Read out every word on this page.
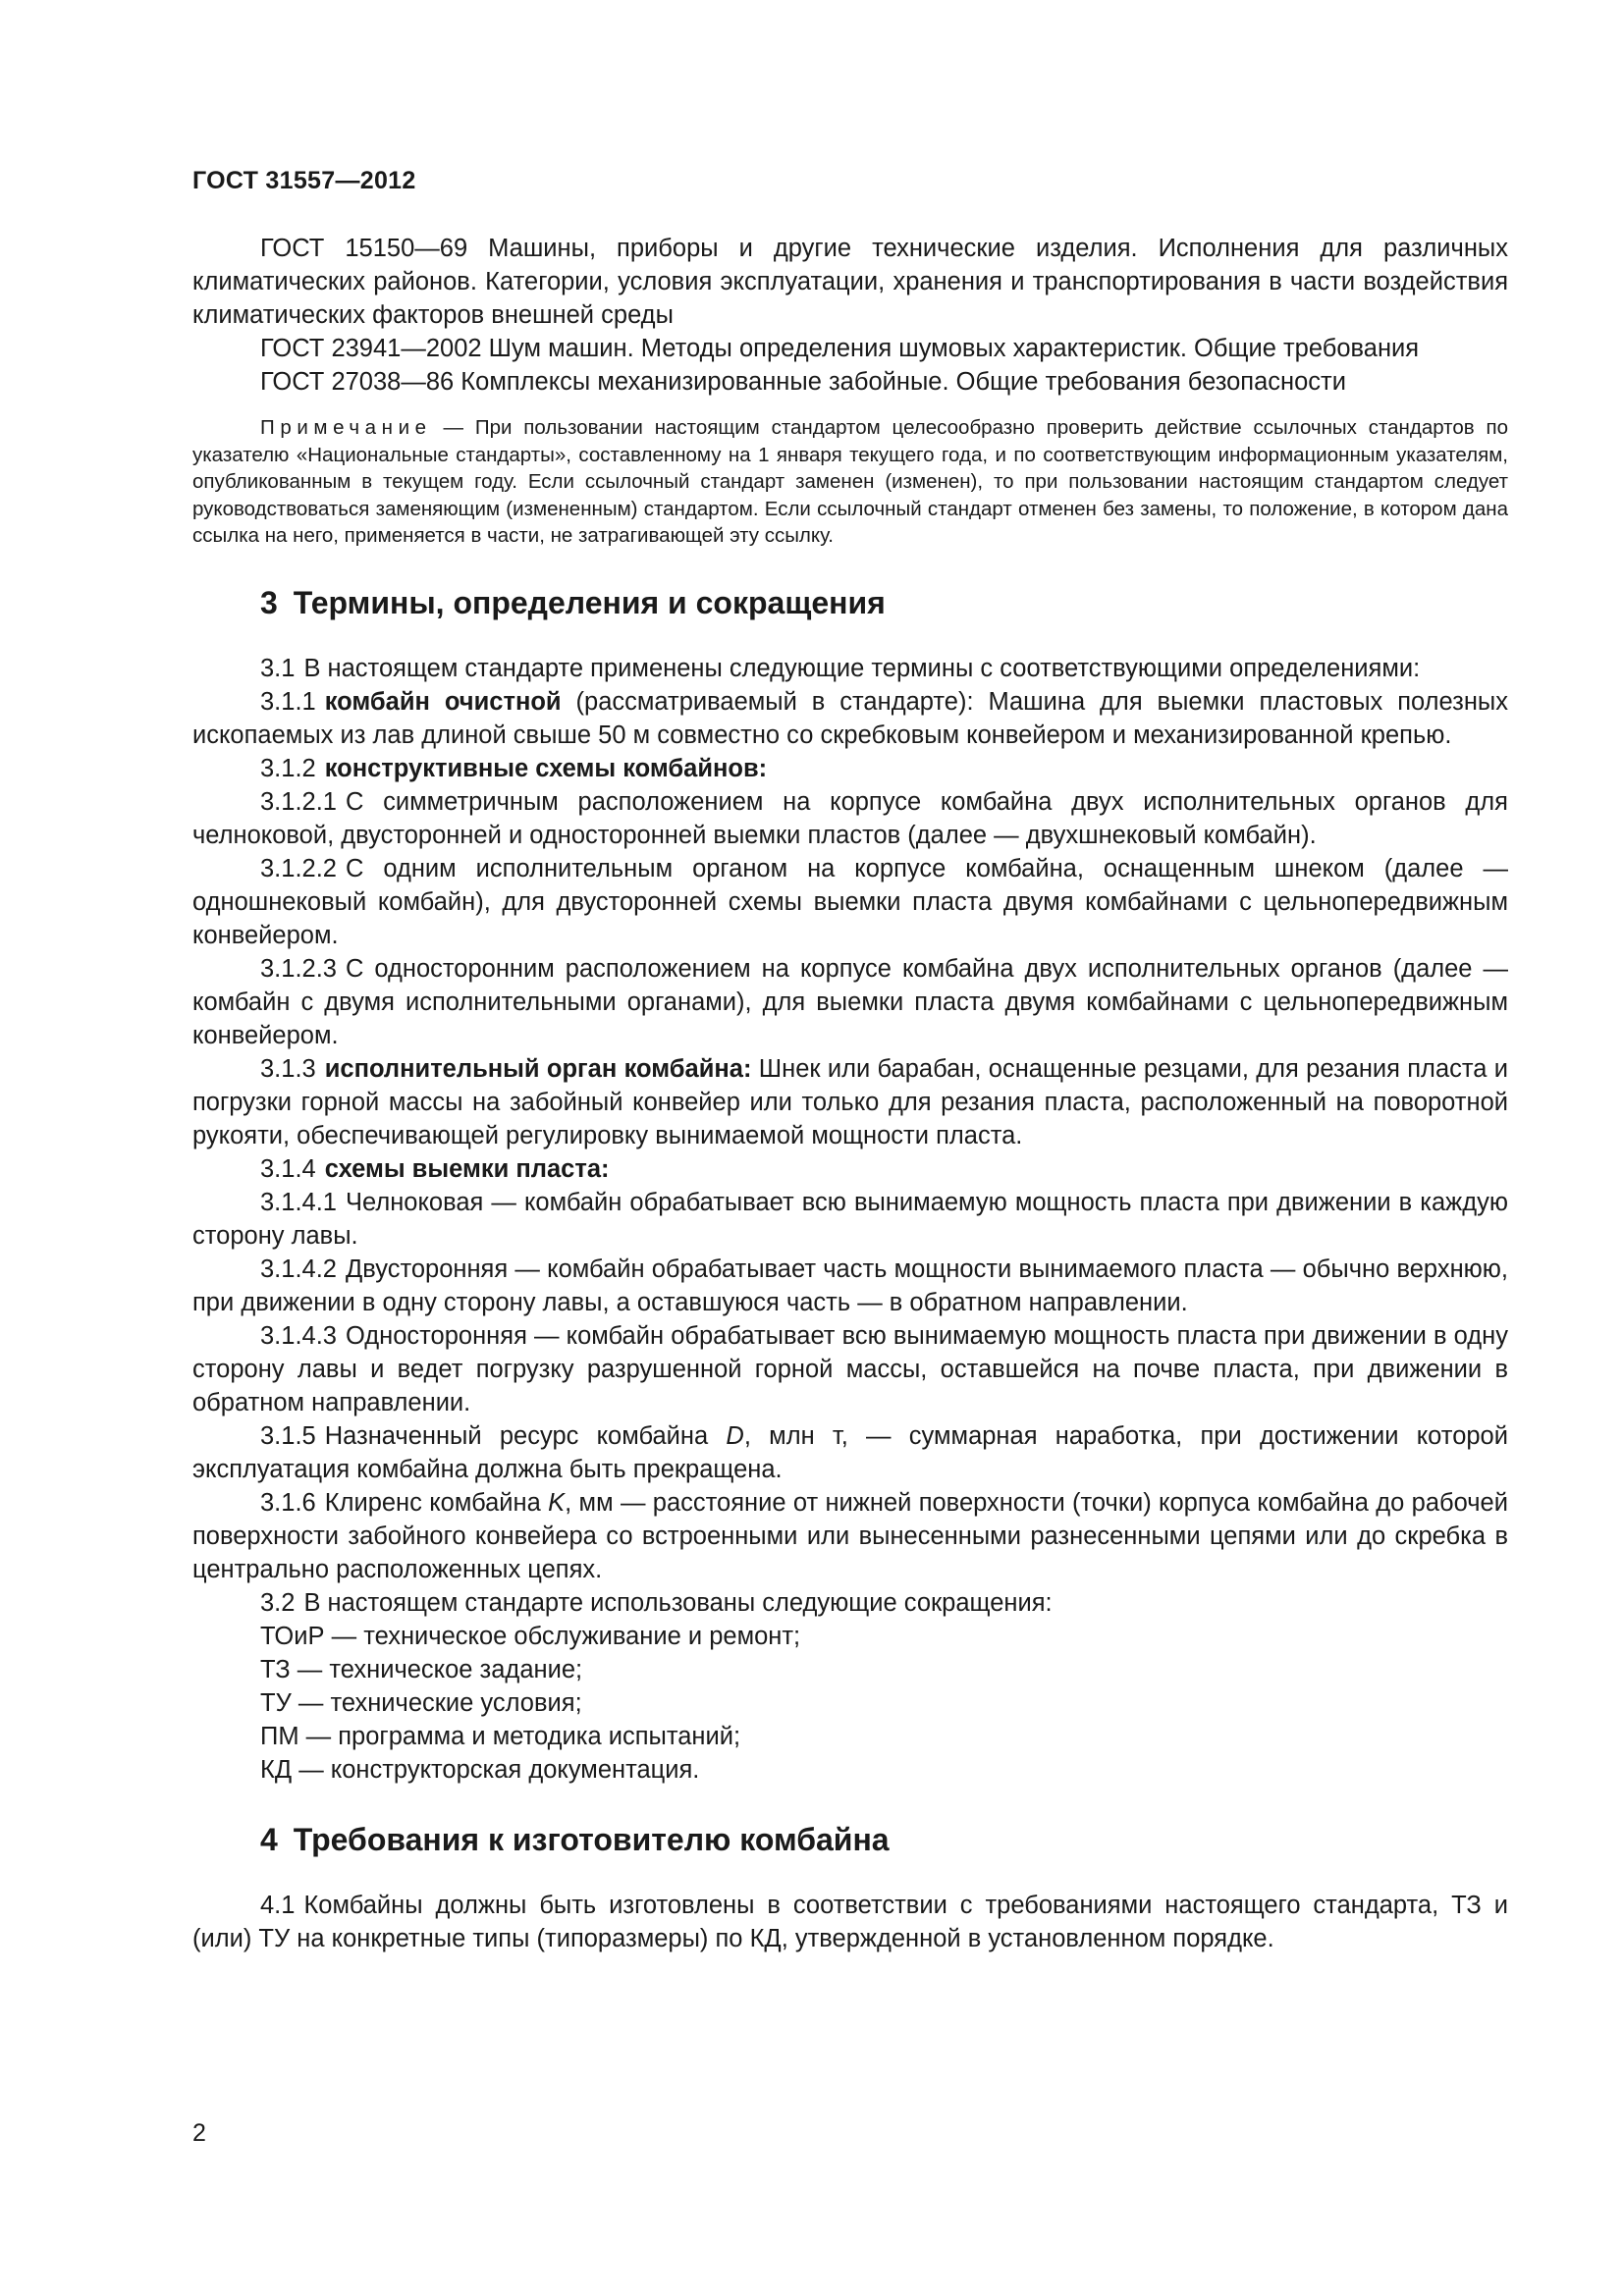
ГОСТ 31557—2012

ГОСТ 15150—69 Машины, приборы и другие технические изделия. Исполнения для различных климатических районов. Категории, условия эксплуатации, хранения и транспортирования в части воздействия климатических факторов внешней среды

ГОСТ 23941—2002 Шум машин. Методы определения шумовых характеристик. Общие требования

ГОСТ 27038—86 Комплексы механизированные забойные. Общие требования безопасности

Примечание — При пользовании настоящим стандартом целесообразно проверить действие ссылочных стандартов по указателю «Национальные стандарты», составленному на 1 января текущего года, и по соответствующим информационным указателям, опубликованным в текущем году. Если ссылочный стандарт заменен (изменен), то при пользовании настоящим стандартом следует руководствоваться заменяющим (измененным) стандартом. Если ссылочный стандарт отменен без замены, то положение, в котором дана ссылка на него, применяется в части, не затрагивающей эту ссылку.

3 Термины, определения и сокращения

3.1 В настоящем стандарте применены следующие термины с соответствующими определениями:

3.1.1 комбайн очистной (рассматриваемый в стандарте): Машина для выемки пластовых полезных ископаемых из лав длиной свыше 50 м совместно со скребковым конвейером и механизированной крепью.

3.1.2 конструктивные схемы комбайнов:

3.1.2.1 С симметричным расположением на корпусе комбайна двух исполнительных органов для челноковой, двусторонней и односторонней выемки пластов (далее — двухшнековый комбайн).

3.1.2.2 С одним исполнительным органом на корпусе комбайна, оснащенным шнеком (далее — одношнековый комбайн), для двусторонней схемы выемки пласта двумя комбайнами с цельнопередвижным конвейером.

3.1.2.3 С односторонним расположением на корпусе комбайна двух исполнительных органов (далее — комбайн с двумя исполнительными органами), для выемки пласта двумя комбайнами с цельнопередвижным конвейером.

3.1.3 исполнительный орган комбайна: Шнек или барабан, оснащенные резцами, для резания пласта и погрузки горной массы на забойный конвейер или только для резания пласта, расположенный на поворотной рукояти, обеспечивающей регулировку вынимаемой мощности пласта.

3.1.4 схемы выемки пласта:

3.1.4.1 Челноковая — комбайн обрабатывает всю вынимаемую мощность пласта при движении в каждую сторону лавы.

3.1.4.2 Двусторонняя — комбайн обрабатывает часть мощности вынимаемого пласта — обычно верхнюю, при движении в одну сторону лавы, а оставшуюся часть — в обратном направлении.

3.1.4.3 Односторонняя — комбайн обрабатывает всю вынимаемую мощность пласта при движении в одну сторону лавы и ведет погрузку разрушенной горной массы, оставшейся на почве пласта, при движении в обратном направлении.

3.1.5 Назначенный ресурс комбайна D, млн т, — суммарная наработка, при достижении которой эксплуатация комбайна должна быть прекращена.

3.1.6 Клиренс комбайна K, мм — расстояние от нижней поверхности (точки) корпуса комбайна до рабочей поверхности забойного конвейера со встроенными или вынесенными разнесенными цепями или до скребка в центрально расположенных цепях.

3.2 В настоящем стандарте использованы следующие сокращения:

ТОиР — техническое обслуживание и ремонт;

ТЗ — техническое задание;

ТУ — технические условия;

ПМ — программа и методика испытаний;

КД — конструкторская документация.

4 Требования к изготовителю комбайна

4.1 Комбайны должны быть изготовлены в соответствии с требованиями настоящего стандарта, ТЗ и (или) ТУ на конкретные типы (типоразмеры) по КД, утвержденной в установленном порядке.

2
